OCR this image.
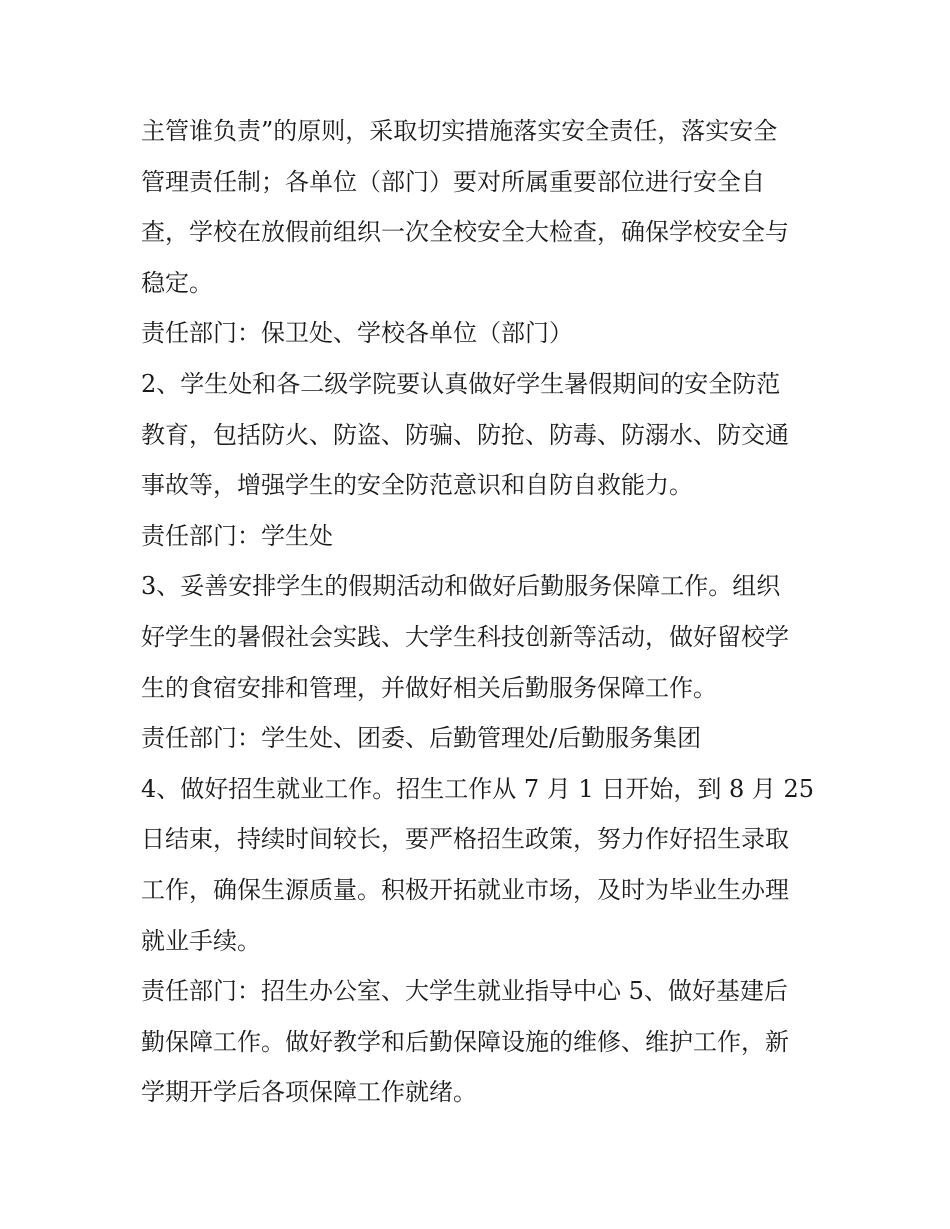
主管谁负责”的原则，采取切实措施落实安全责任，落实安全
管理责任制；各单位（部门）要对所属重要部位进行安全自
查，学校在放假前组织一次全校安全大检查，确保学校安全与
稳定。

责任部门：保卫处、学校各单位（部门）

2、学生处和各二级学院要认真做好学生暑假期间的安全防范
教育，包括防火、防盗、防骗、防抢、防毒、防溺水、防交通
事故等，增强学生的安全防范意识和自防自救能力。

责任部门：学生处

3、妥善安排学生的假期活动和做好后勤服务保障工作。组织
好学生的暑假社会实践、大学生科技创新等活动，做好留校学
生的食宿安排和管理，并做好相关后勤服务保障工作。

责任部门：学生处、团委、后勤管理处/后勤服务集团

4、做好招生就业工作。招生工作从 7 月 1 日开始，到 8 月 25
日结束，持续时间较长，要严格招生政策，努力作好招生录取
工作，确保生源质量。积极开拓就业市场，及时为毕业生办理
就业手续。

责任部门：招生办公室、大学生就业指导中心 5、做好基建后
勤保障工作。做好教学和后勤保障设施的维修、维护工作，新
学期开学后各项保障工作就绪。
